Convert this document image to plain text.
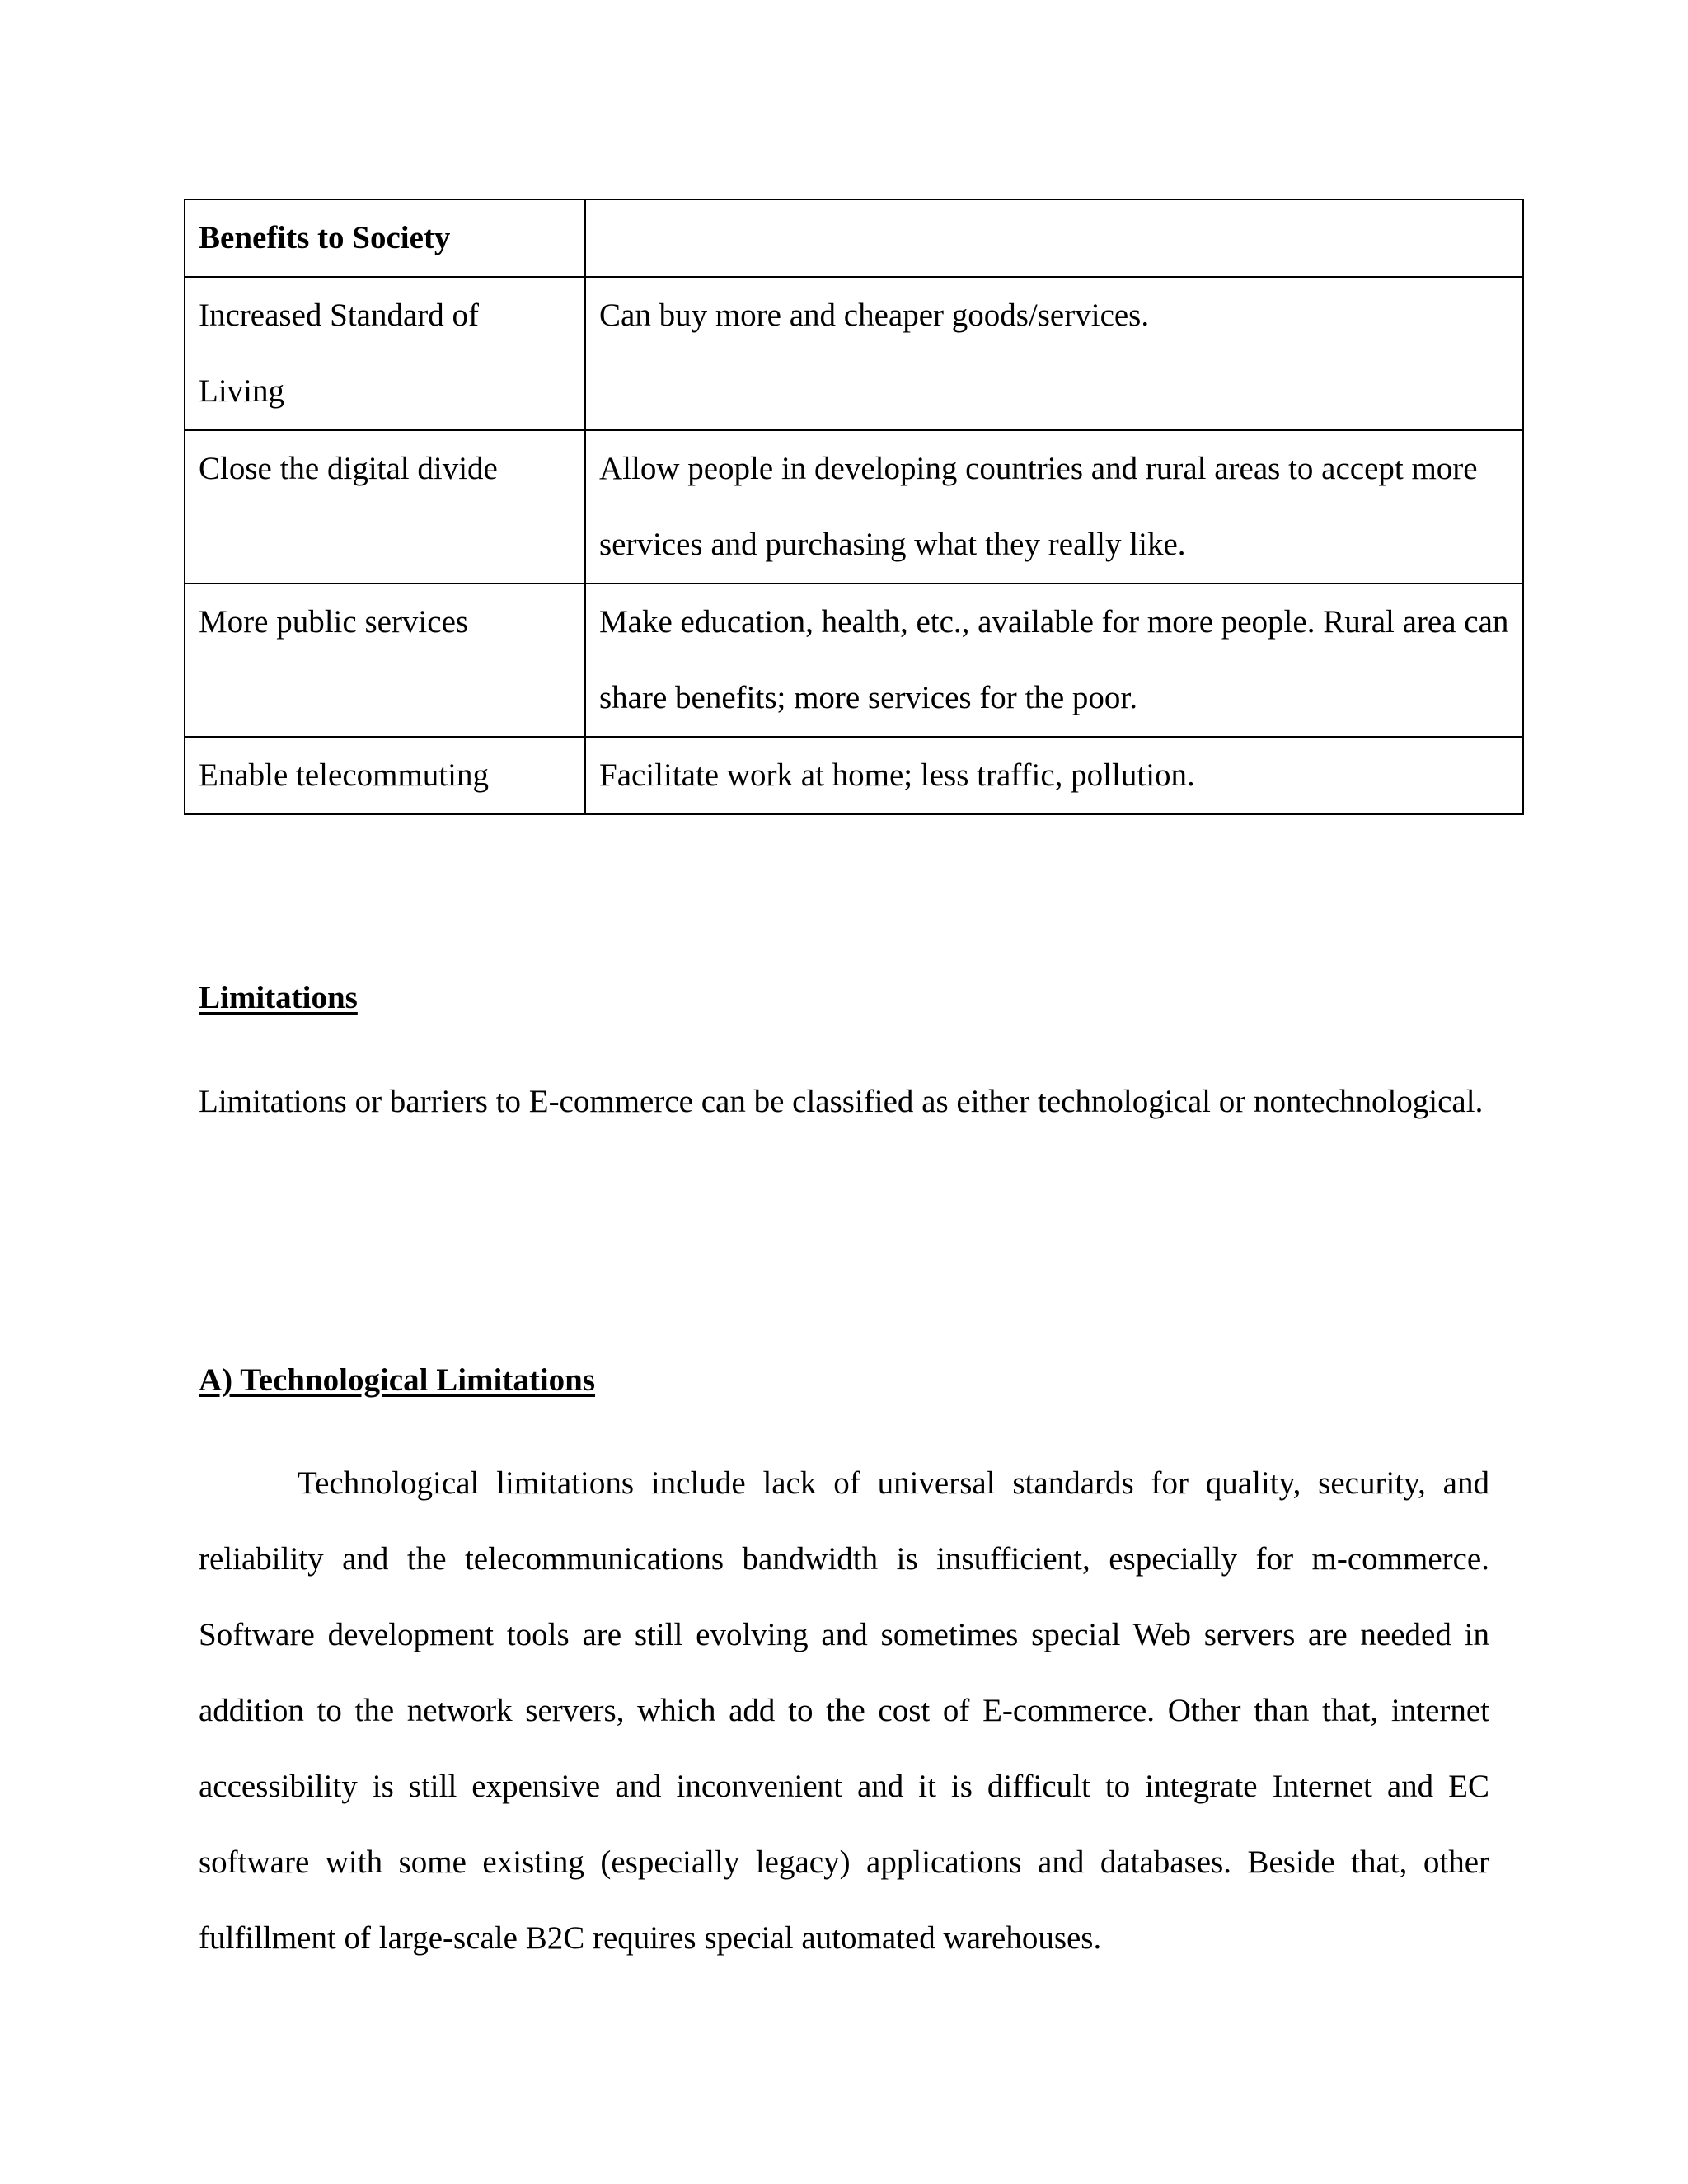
Benefits to Society	
Increased Standard of Living	Can buy more and cheaper goods/services.
Close the digital divide	Allow people in developing countries and rural areas to accept more services and purchasing what they really like.
More public services	Make education, health, etc., available for more people. Rural area can share benefits; more services for the poor.
Enable telecommuting	Facilitate work at home; less traffic, pollution.
Limitations
Limitations or barriers to E-commerce can be classified as either technological or nontechnological.
A) Technological Limitations
Technological limitations include lack of universal standards for quality, security, and reliability and the telecommunications bandwidth is insufficient, especially for m-commerce. Software development tools are still evolving and sometimes special Web servers are needed in addition to the network servers, which add to the cost of E-commerce. Other than that, internet accessibility is still expensive and inconvenient and it is difficult to integrate Internet and EC software with some existing (especially legacy) applications and databases. Beside that, other fulfillment of large-scale B2C requires special automated warehouses.
